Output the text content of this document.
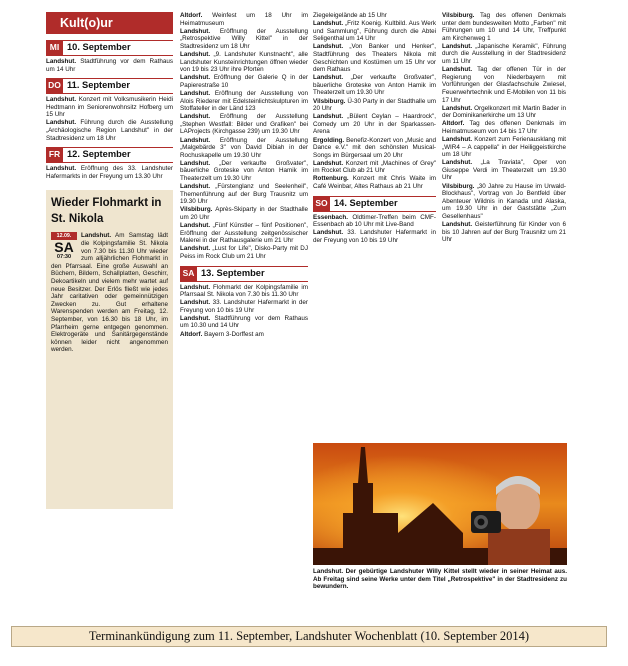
Kult(o)ur
MI 10. September
Landshut. Stadtführung vor dem Rathaus um 14 Uhr
DO 11. September
Landshut. Konzert mit Volksmusikerin Heidi Hedtmann im Seniorenwohnsitz Hofberg um 15 Uhr
Landshut. Führung durch die Ausstellung „Archäologische Region Landshut" in der Stadtresidenz um 18 Uhr
FR 12. September
Landshut. Eröffnung des 33. Landshuter Hafermarkts in der Freyung um 13.30 Uhr
Wieder Flohmarkt in St. Nikola
12.09.
SA
07:30
Landshut. Am Samstag lädt die Kolpingsfamilie St. Nikola von 7.30 bis 11.30 Uhr wieder zum alljährlichen Flohmarkt in den Pfarrsaal. Eine große Auswahl an Büchern, Bildern, Schallplatten, Geschirr, Dekoartikeln und vielem mehr wartet auf neue Besitzer. Der Erlös fließt wie jedes Jahr caritativen oder gemeinnützigen Zwecken zu. Gut erhaltene Warenspenden werden am Freitag, 12. September, von 16.30 bis 18 Uhr, im Pfarrheim gerne entgegen genommen. Elektrogeräte und Sanitärgegenstände können leider nicht angenommen werden.
Altdorf. Weinfest um 18 Uhr im Heimatmuseum
Landshut. Eröffnung der Ausstellung „Retrospektive Willy Kittel" in der Stadtresidenz um 18 Uhr
Landshut. „9. Landshuter Kunstnacht", alle Landshuter Kunsteinrichtungen öffnen wieder von 19 bis 23 Uhr ihre Pforten
Landshut. Eröffnung der Galerie Q in der Papierestraße 10
Landshut. Eröffnung der Ausstellung von Alois Riederer mit Edelsteinlichtskulpturen im Stoffateller in der Länd 123
Landshut. Eröffnung der Ausstellung „Stephen Westfall: Bilder und Grafiken" bei LAProjects (Kirchgasse 239) um 19.30 Uhr
Landshut. Eröffnung der Ausstellung „Malgebärde 3" von David Dibiah in der Rochuskapelle um 19.30 Uhr
Landshut. „Der verkaufte Großvater", bäuerliche Groteske von Anton Hamik im Theaterzelt um 19.30 Uhr
Landshut. „Fürstenglanz und Seelenheil", Themenführung auf der Burg Trausnitz um 19.30 Uhr
Vilsbiburg. Après-Skiparty in der Stadthalle um 20 Uhr
Landshut. „Fünf Künstler – fünf Positionen", Eröffnung der Ausstellung zeitgenössischer Malerei in der Rathausgalerie um 21 Uhr
Landshut. „Lust for Life", Disko-Party mit DJ Peiss im Rock Club um 21 Uhr
SA 13. September
Landshut. Flohmarkt der Kolpingsfamilie im Pfarrsaal St. Nikola von 7.30 bis 11.30 Uhr
Landshut. 33. Landshuter Hafermarkt in der Freyung von 10 bis 19 Uhr
Landshut. Stadtführung vor dem Rathaus um 10.30 und 14 Uhr
Altdorf. Bayern 3-Dorffest am
Ziegeleigelände ab 15 Uhr
Landshut. „Fritz Koenig. Kultbild. Aus Werk und Sammlung", Führung durch die Abtei Seligenthal um 14 Uhr
Landshut. „Von Banker und Henker", Stadtführung des Theaters Nikola mit Geschichten und Kostümen um 15 Uhr vor dem Rathaus
Landshut. „Der verkaufte Großvater", bäuerliche Groteske von Anton Hamik im Theaterzelt um 19.30 Uhr
Vilsbiburg. Ü-30 Party in der Stadthalle um 20 Uhr
Landshut. „Bülent Ceylan – Haardrock", Comedy um 20 Uhr in der Sparkassen-Arena
Ergolding. Benefiz-Konzert von „Music and Dance e.V." mit den schönsten Musical-Songs im Bürgersaal um 20 Uhr
Landshut. Konzert mit „Machines of Grey" im Rocket Club ab 21 Uhr
Rottenburg. Konzert mit Chris Waite im Café Weinbar, Altes Rathaus ab 21 Uhr
SO 14. September
Essenbach. Oldtimer-Treffen beim CMF-Essenbach ab 10 Uhr mit Live-Band
Landshut. 33. Landshuter Hafermarkt in der Freyung von 10 bis 19 Uhr
Vilsbiburg. Tag des offenen Denkmals unter dem bundesweiten Motto „Farben" mit Führungen um 10 und 14 Uhr, Treffpunkt am Kirchenweg 1
Landshut. „Japanische Keramik", Führung durch die Ausstellung in der Stadtresidenz um 11 Uhr
Landshut. Tag der offenen Tür in der Regierung von Niederbayern mit Vorführungen der Glasfachschule Zwiesel, Feuerwehrtechnik und E-Mobilen von 11 bis 17 Uhr
Landshut. Orgelkonzert mit Martin Bader in der Dominikanerkirche um 13 Uhr
Altdorf. Tag des offenen Denkmals im Heimatmuseum von 14 bis 17 Uhr
Landshut. Konzert zum Ferienausklang mit „WIR4 – A cappella" in der Heiliggeistkirche um 18 Uhr
Landshut. „La Traviata", Oper von Giuseppe Verdi im Theaterzelt um 19.30 Uhr
Vilsbiburg. „30 Jahre zu Hause im Urwald-Blockhaus", Vortrag von Jo Bentfeld über Abenteuer Wildnis in Kanada und Alaska, um 19.30 Uhr in der Gaststätte „Zum Gesellenhaus"
Landshut. Geisterführung für Kinder von 6 bis 10 Jahren auf der Burg Trausnitz um 21 Uhr
Landshut. Der gebürtige Landshuter Willy Kittel stellt wieder in seiner Heimat aus. Ab Freitag sind seine Werke unter dem Titel „Retrospektive" in der Stadtresidenz zu bewundern.
Terminankündigung zum 11. September, Landshuter Wochenblatt (10. September 2014)
